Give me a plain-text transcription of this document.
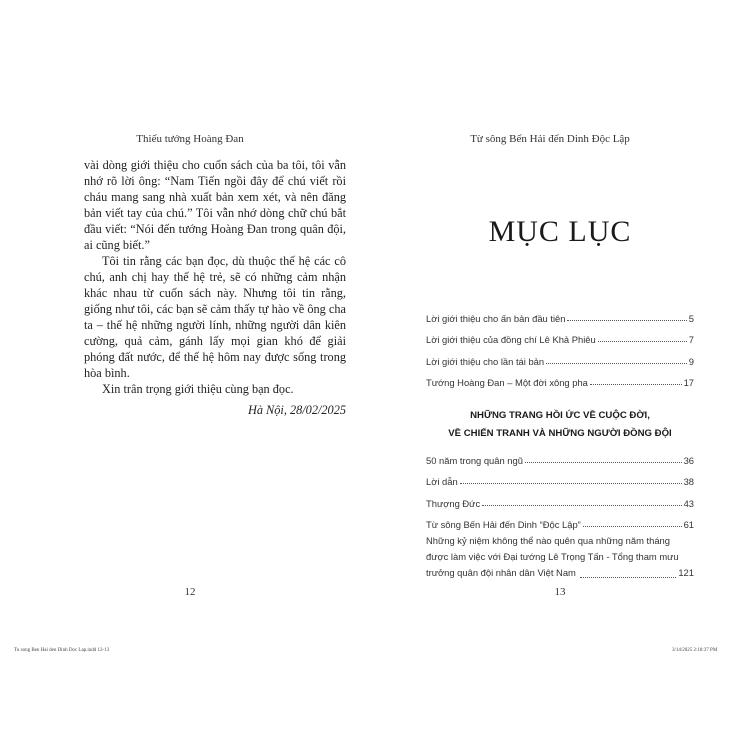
Thiếu tướng Hoàng Đan

vài dòng giới thiệu cho cuốn sách của ba tôi, tôi vẫn nhớ rõ lời ông: “Nam Tiến ngồi đây để chú viết rồi cháu mang sang nhà xuất bản xem xét, và nên đăng bản viết tay của chú.” Tôi vẫn nhớ dòng chữ chú bắt đầu viết: “Nói đến tướng Hoàng Đan trong quân đội, ai cũng biết.”

Tôi tin rằng các bạn đọc, dù thuộc thế hệ các cô chú, anh chị hay thế hệ trẻ, sẽ có những cảm nhận khác nhau từ cuốn sách này. Nhưng tôi tin rằng, giống như tôi, các bạn sẽ cảm thấy tự hào về ông cha ta – thế hệ những người lính, những người dân kiên cường, quả cảm, gánh lấy mọi gian khó để giải phóng đất nước, để thế hệ hôm nay được sống trong hòa bình.

Xin trân trọng giới thiệu cùng bạn đọc.

Hà Nội, 28/02/2025

12
Từ sông Bến Hải đến Dinh Độc Lập
MỤC LỤC
Lời giới thiệu cho ấn bản đầu tiên	5
Lời giới thiệu của đồng chí Lê Khả Phiêu	7
Lời giới thiệu cho lần tái bản	9
Tướng Hoàng Đan – Một đời xông pha	17
NHỮNG TRANG HỒI ỨC VỀ CUỘC ĐỜI,
VỀ CHIẾN TRANH VÀ NHỮNG NGƯỜI ĐỒNG ĐỘI
50 năm trong quân ngũ	36
Lời dẫn	38
Thượng Đức	43
Từ sông Bến Hải đến Dinh “Độc Lập”	61
Những kỷ niệm không thể nào quên qua những năm tháng
được làm việc với Đại tướng Lê Trọng Tấn - Tổng tham mưu
trưởng quân đội nhân dân Việt Nam	121
13
Tu song Ben Hai den Dinh Doc Lap.indd 12-13	3/14/2025 2:18:37 PM
